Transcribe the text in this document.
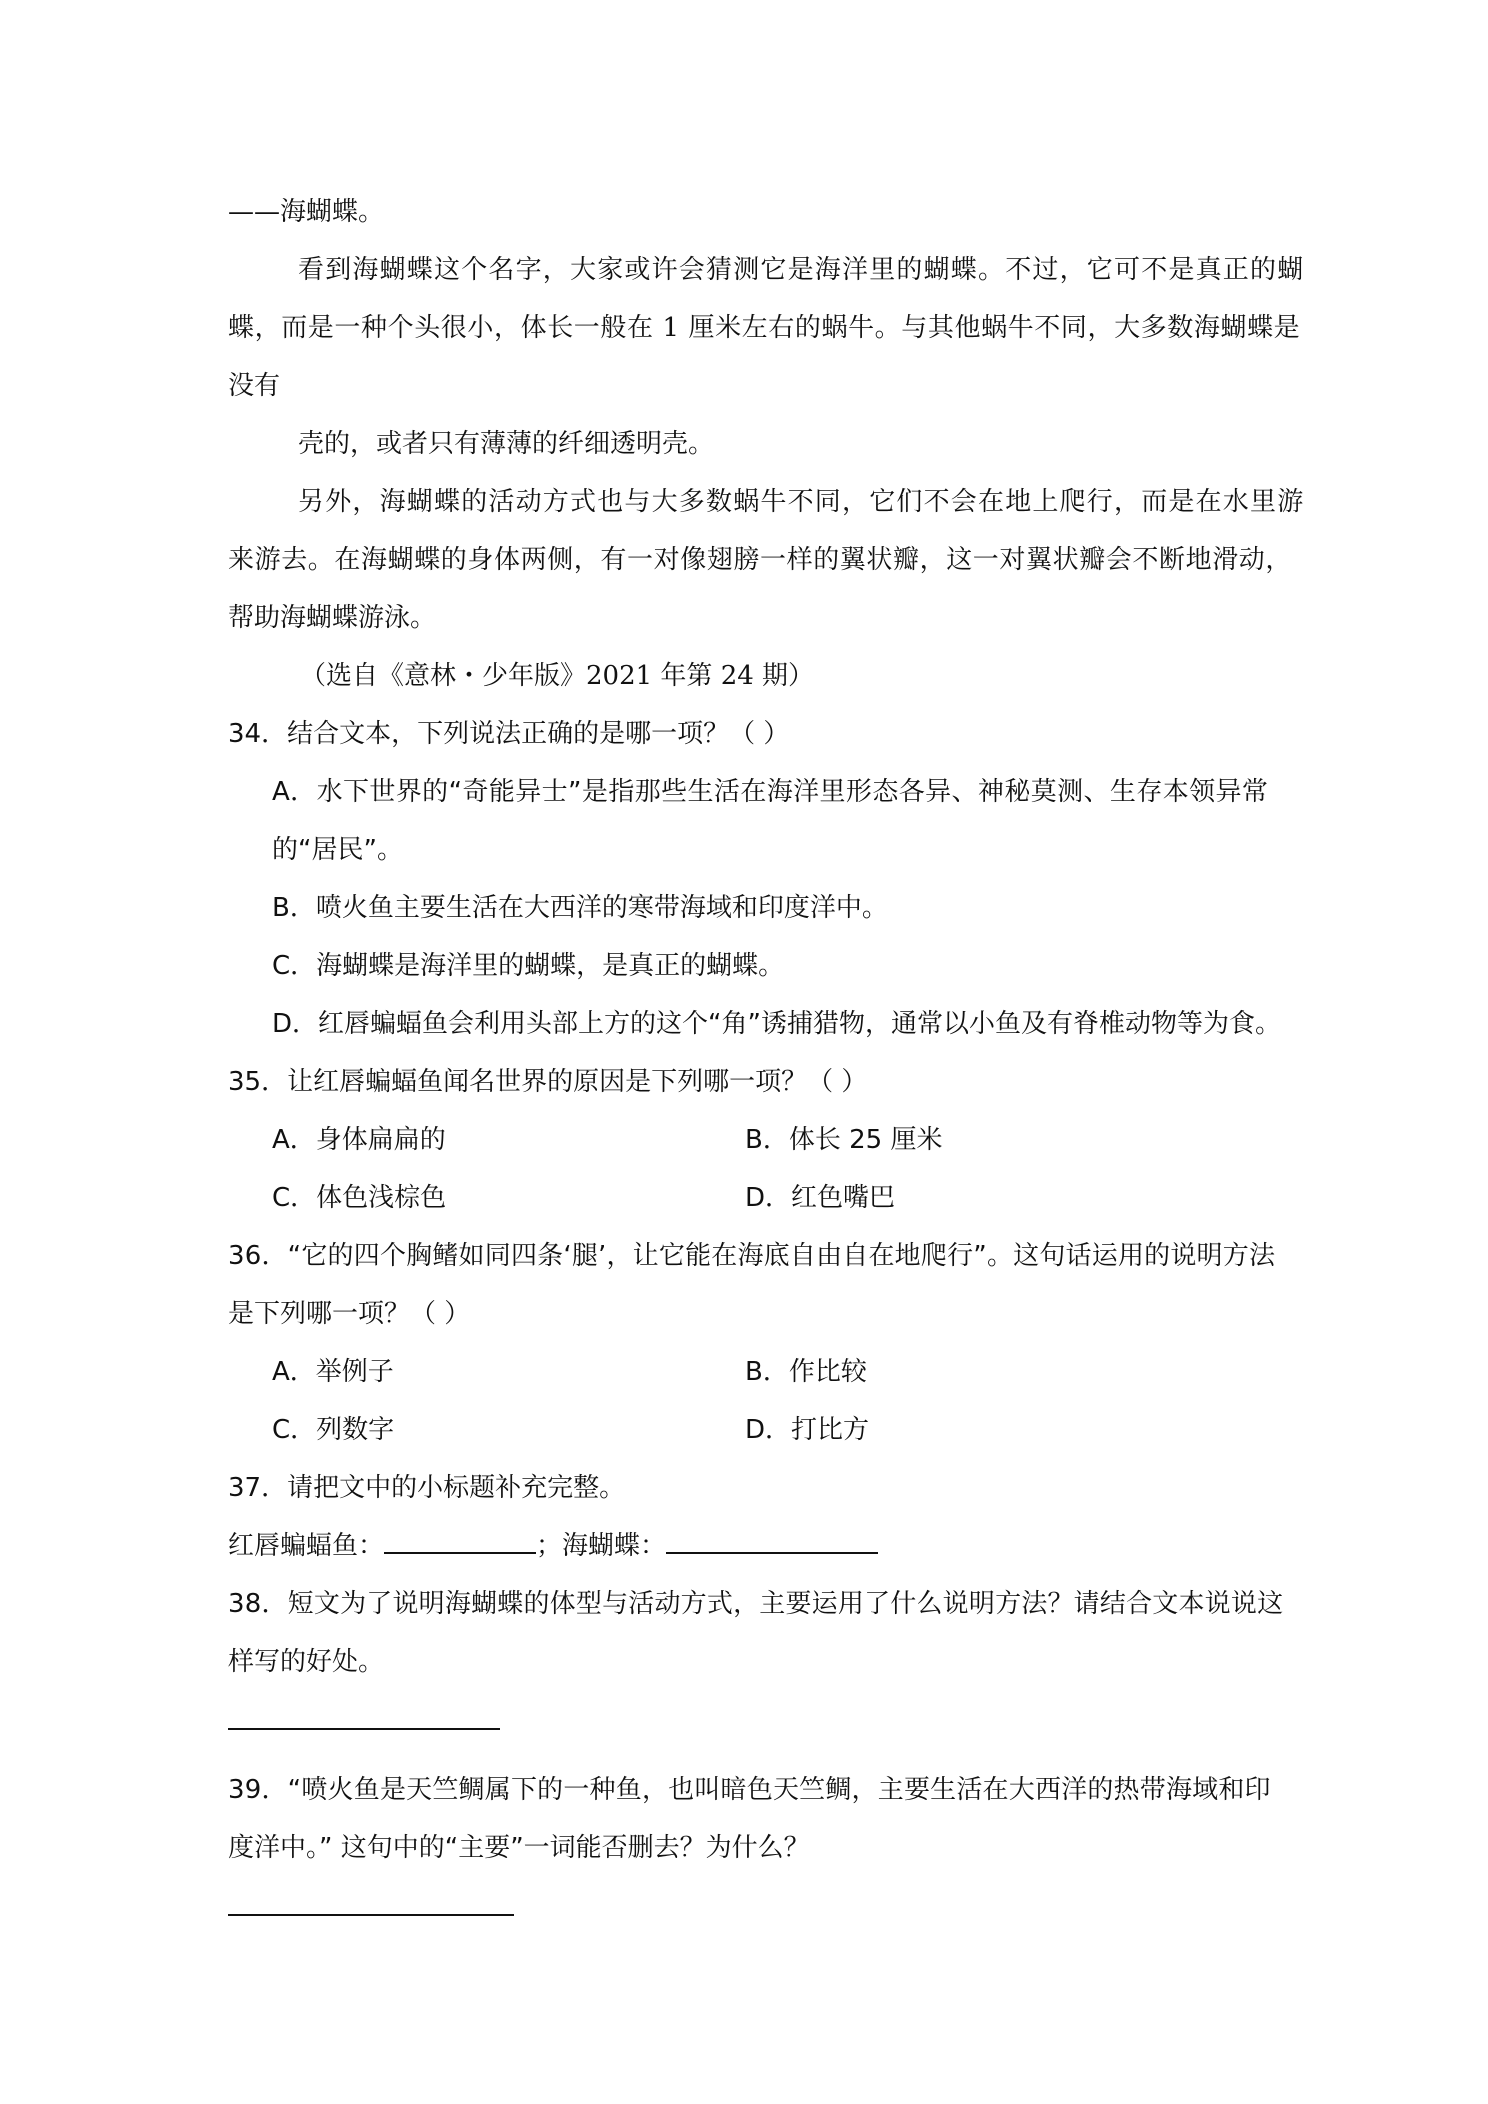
——海蝴蝶。
看到海蝴蝶这个名字，大家或许会猜测它是海洋里的蝴蝶。不过，它可不是真正的蝴
蝶，而是一种个头很小，体长一般在 1 厘米左右的蜗牛。与其他蜗牛不同，大多数海蝴蝶是
没有
壳的，或者只有薄薄的纤细透明壳。
另外，海蝴蝶的活动方式也与大多数蜗牛不同，它们不会在地上爬行，而是在水里游
来游去。在海蝴蝶的身体两侧，有一对像翅膀一样的翼状瓣，这一对翼状瓣会不断地滑动，
帮助海蝴蝶游泳。
（选自《意林・少年版》2021 年第 24 期）
34．结合文本，下列说法正确的是哪一项？（ ）
A．水下世界的“奇能异士”是指那些生活在海洋里形态各异、神秘莫测、生存本领异常
的“居民”。
B．喷火鱼主要生活在大西洋的寒带海域和印度洋中。
C．海蝴蝶是海洋里的蝴蝶，是真正的蝴蝶。
D．红唇蝙蝠鱼会利用头部上方的这个“角”诱捕猎物，通常以小鱼及有脊椎动物等为食。
35．让红唇蝙蝠鱼闻名世界的原因是下列哪一项？（ ）
A．身体扁扁的	B．体长 25 厘米
C．体色浅棕色	D．红色嘴巴
36．“它的四个胸鳍如同四条‘腿’，让它能在海底自由自在地爬行”。这句话运用的说明方法
是下列哪一项？（ ）
A．举例子	B．作比较
C．列数字	D．打比方
37．请把文中的小标题补充完整。
红唇蝙蝠鱼：	；海蝴蝶：
38．短文为了说明海蝴蝶的体型与活动方式，主要运用了什么说明方法？请结合文本说说这
样写的好处。
39．“喷火鱼是天竺鲷属下的一种鱼，也叫暗色天竺鲷，主要生活在大西洋的热带海域和印
度洋中。” 这句中的“主要”一词能否删去？为什么？
